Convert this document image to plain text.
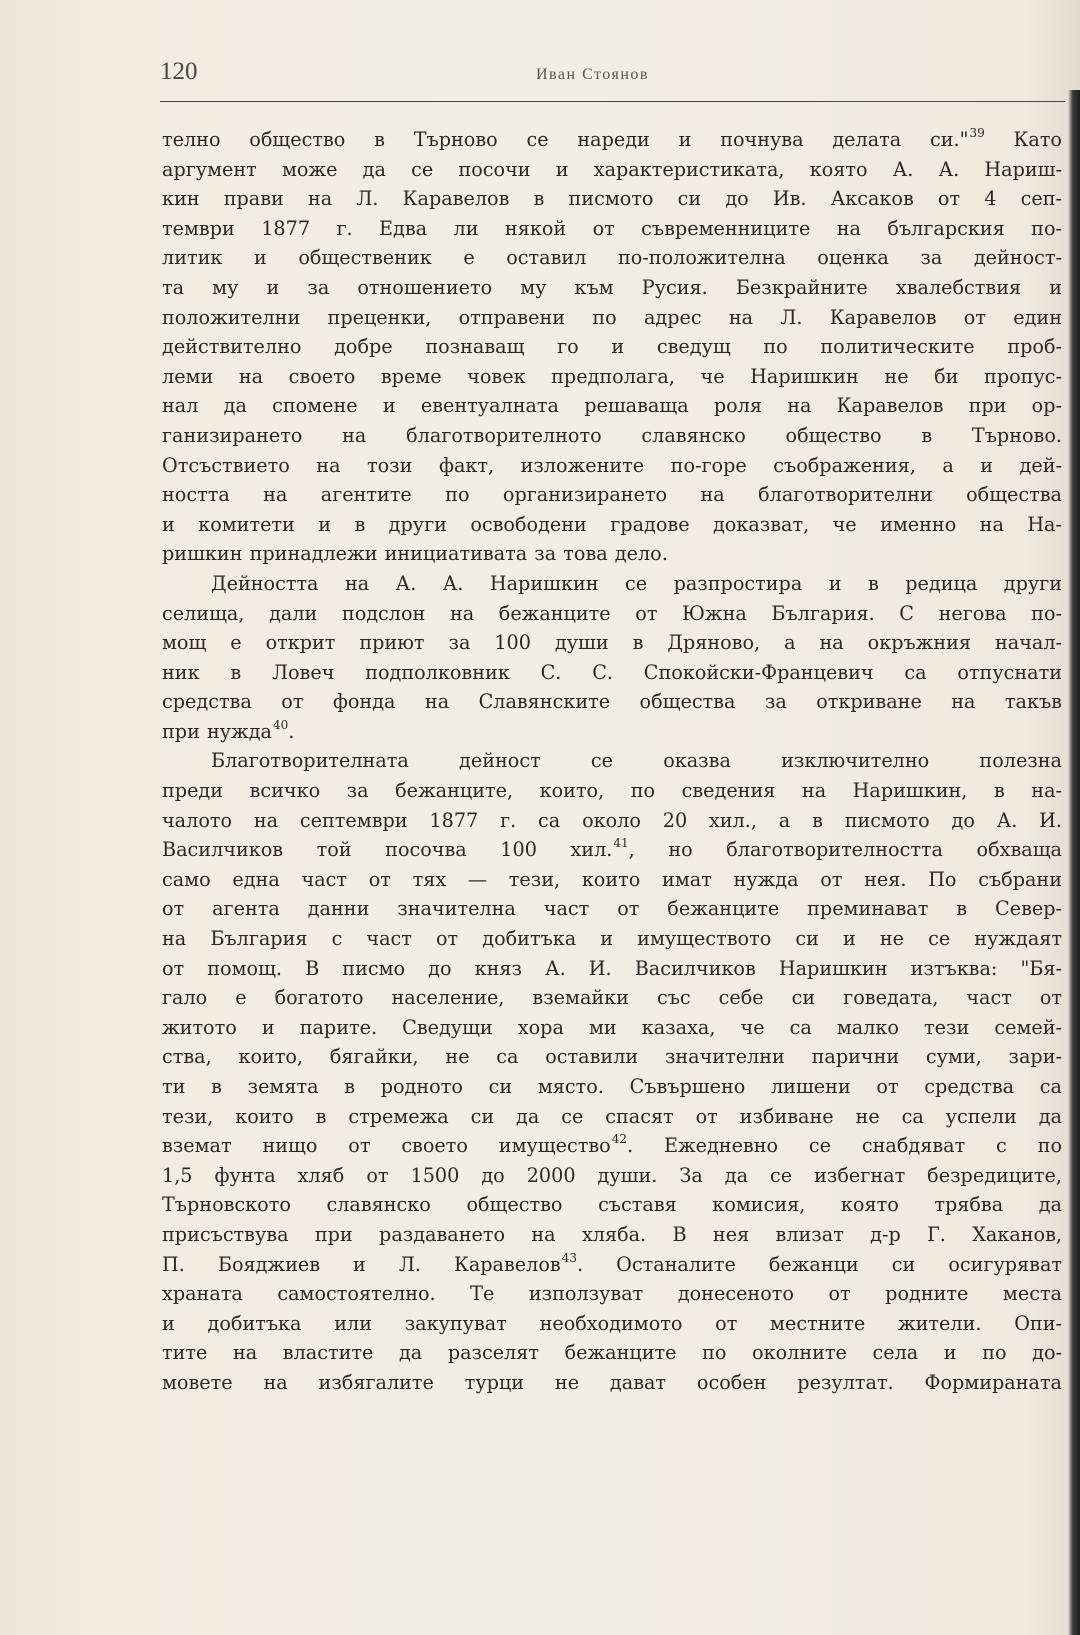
120	Иван Стоянов
телно общество в Търново се нареди и почнува делата си."$^{39}$ Като
аргумент може да се посочи и характеристиката, която А. А. Нариш-
кин прави на Л. Каравелов в писмото си до Ив. Аксаков от 4 сеп-
тември 1877 г. Едва ли някой от съвременниците на българския по-
литик и общественик е оставил по-положителна оценка за дейност-
та му и за отношението му към Русия. Безкрайните хвалебствия и
положителни преценки, отправени по адрес на Л. Каравелов от един
действително добре познаващ го и сведущ по политическите проб-
леми на своето време човек предполага, че Наришкин не би пропус-
нал да спомене и евентуалната решаваща роля на Каравелов при ор-
ганизирането на благотворителното славянско общество в Търново.
Отсъствието на този факт, изложените по-горе съображения, а и дей-
ността на агентите по организирането на благотворителни общества
и комитети и в други освободени градове доказват, че именно на На-
ришкин принадлежи инициативата за това дело.
Дейността на А. А. Наришкин се разпростира и в редица други
селища, дали подслон на бежанците от Южна България. С негова по-
мощ е открит приют за 100 души в Дряново, а на окръжния начал-
ник в Ловеч подполковник С. С. Спокойски-Францевич са отпуснати
средства от фонда на Славянските общества за откриване на такъв
при нужда$^{40}$.
Благотворителната дейност се оказва изключително полезна
преди всичко за бежанците, които, по сведения на Наришкин, в на-
чалото на септември 1877 г. са около 20 хил., а в писмото до А. И.
Василчиков той посочва 100 хил.$^{41}$, но благотворителността обхваща
само една част от тях — тези, които имат нужда от нея. По събрани
от агента данни значителна част от бежанците преминават в Север-
на България с част от добитъка и имуществото си и не се нуждаят
от помощ. В писмо до княз А. И. Василчиков Наришкин изтъква: "Бя-
гало е богатото население, вземайки със себе си говедата, част от
житото и парите. Сведущи хора ми казаха, че са малко тези семей-
ства, които, бягайки, не са оставили значителни парични суми, зари-
ти в земята в родното си място. Съвършено лишени от средства са
тези, които в стремежа си да се спасят от избиване не са успели да
вземат нищо от своето имущество$^{42}$. Ежедневно се снабдяват с по
1,5 фунта хляб от 1500 до 2000 души. За да се избегнат безредиците,
Търновското славянско общество съставя комисия, която трябва да
присъствува при раздаването на хляба. В нея влизат д-р Г. Хаканов,
П. Бояджиев и Л. Каравелов$^{43}$. Останалите бежанци си осигуряват
храната самостоятелно. Те използуват донесеното от родните места
и добитъка или закупуват необходимото от местните жители. Опи-
тите на властите да разселят бежанците по околните села и по до-
мовете на избягалите турци не дават особен резултат. Формираната
